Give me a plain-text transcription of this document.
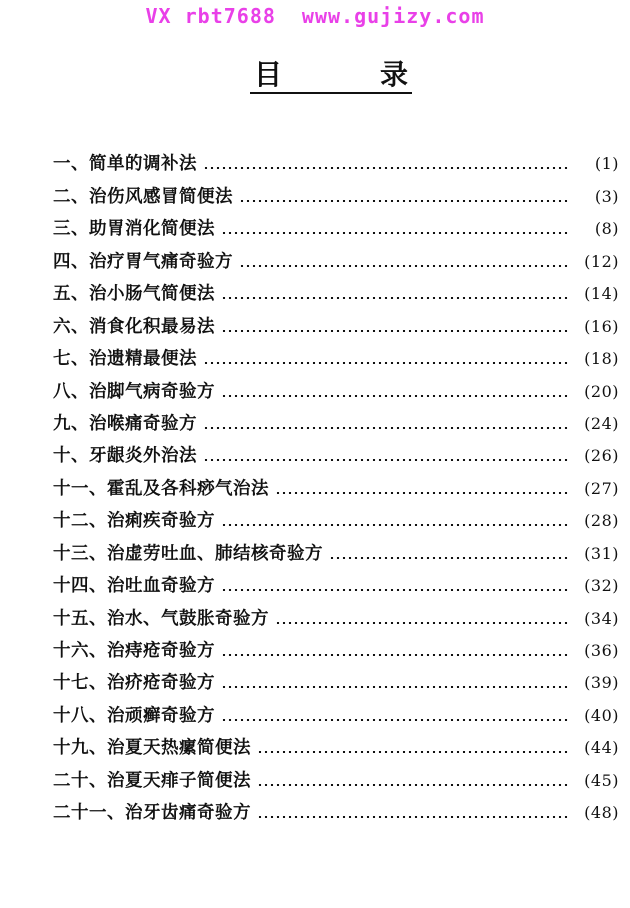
VX rbt7688 www.gujizy.com
目	录
一、简单的调补法	(1)
二、治伤风感冒简便法	(3)
三、助胃消化简便法	(8)
四、治疗胃气痛奇验方	(12)
五、治小肠气简便法	(14)
六、消食化积最易法	(16)
七、治遗精最便法	(18)
八、治脚气病奇验方	(20)
九、治喉痛奇验方	(24)
十、牙龈炎外治法	(26)
十一、霍乱及各科痧气治法	(27)
十二、治痢疾奇验方	(28)
十三、治虚劳吐血、肺结核奇验方	(31)
十四、治吐血奇验方	(32)
十五、治水、气鼓胀奇验方	(34)
十六、治痔疮奇验方	(36)
十七、治疥疮奇验方	(39)
十八、治顽癣奇验方	(40)
十九、治夏天热瘰简便法	(44)
二十、治夏天痱子简便法	(45)
二十一、治牙齿痛奇验方	(48)
